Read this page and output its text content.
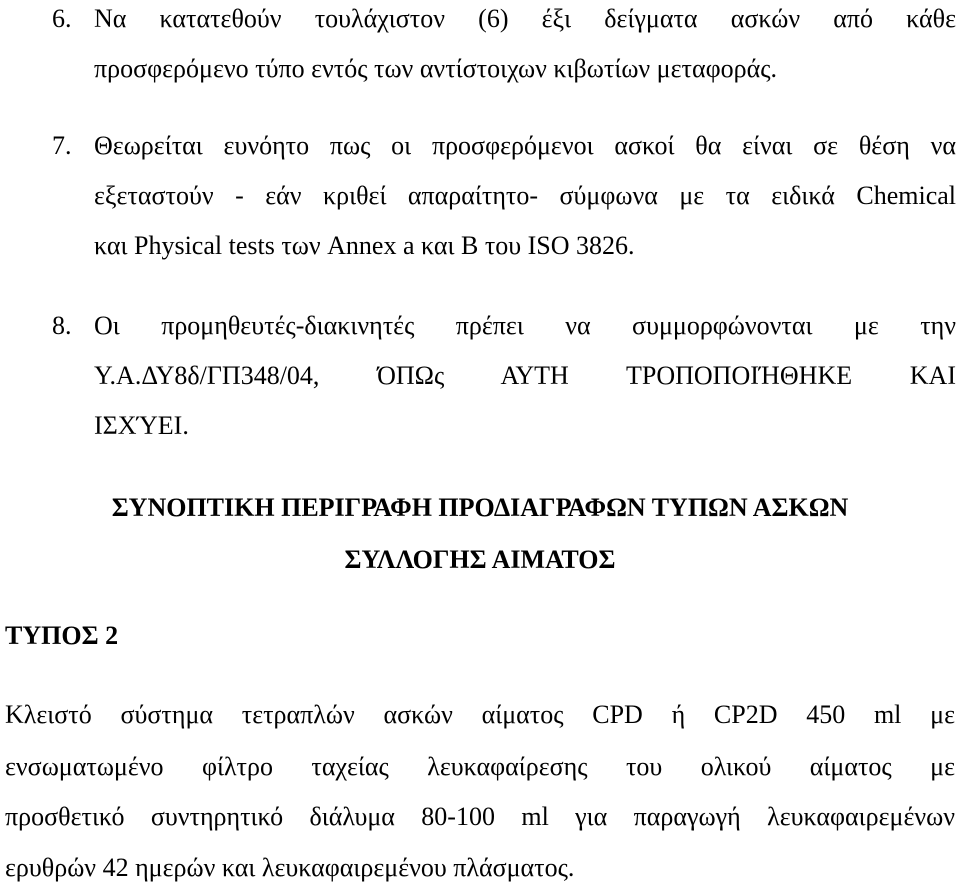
6. Να κατατεθούν τουλάχιστον (6) έξι δείγματα ασκών από κάθε
προσφερόμενο τύπο εντός των αντίστοιχων κιβωτίων μεταφοράς.
7. Θεωρείται ευνόητο πως οι προσφερόμενοι ασκοί θα είναι σε θέση να
εξεταστούν - εάν κριθεί απαραίτητο- σύμφωνα με τα ειδικά Chemical
και Physical tests των Annex a και B του ISO 3826.
8. Οι προμηθευτές-διακινητές πρέπει να συμμορφώνονται με την
Υ.Α.ΔΥ8δ/ΓΠ348/04, ΌΠΩς ΑΥΤΗ ΤΡΟΠΟΠΟΙΉΘΗΚΕ ΚΑΙ
ΙΣΧΎΕΙ.
ΣΥΝΟΠΤΙΚΗ ΠΕΡΙΓΡΑΦΗ ΠΡΟΔΙΑΓΡΑΦΩΝ ΤΥΠΩΝ ΑΣΚΩΝ
ΣΥΛΛΟΓΗΣ ΑΙΜΑΤΟΣ
ΤΥΠΟΣ 2
Κλειστό σύστημα τετραπλών ασκών αίματος CPD ή CP2D 450 ml με
ενσωματωμένο φίλτρο ταχείας λευκαφαίρεσης του ολικού αίματος με
προσθετικό συντηρητικό διάλυμα 80-100 ml για παραγωγή λευκαφαιρεμένων
ερυθρών 42 ημερών και λευκαφαιρεμένου πλάσματος.
